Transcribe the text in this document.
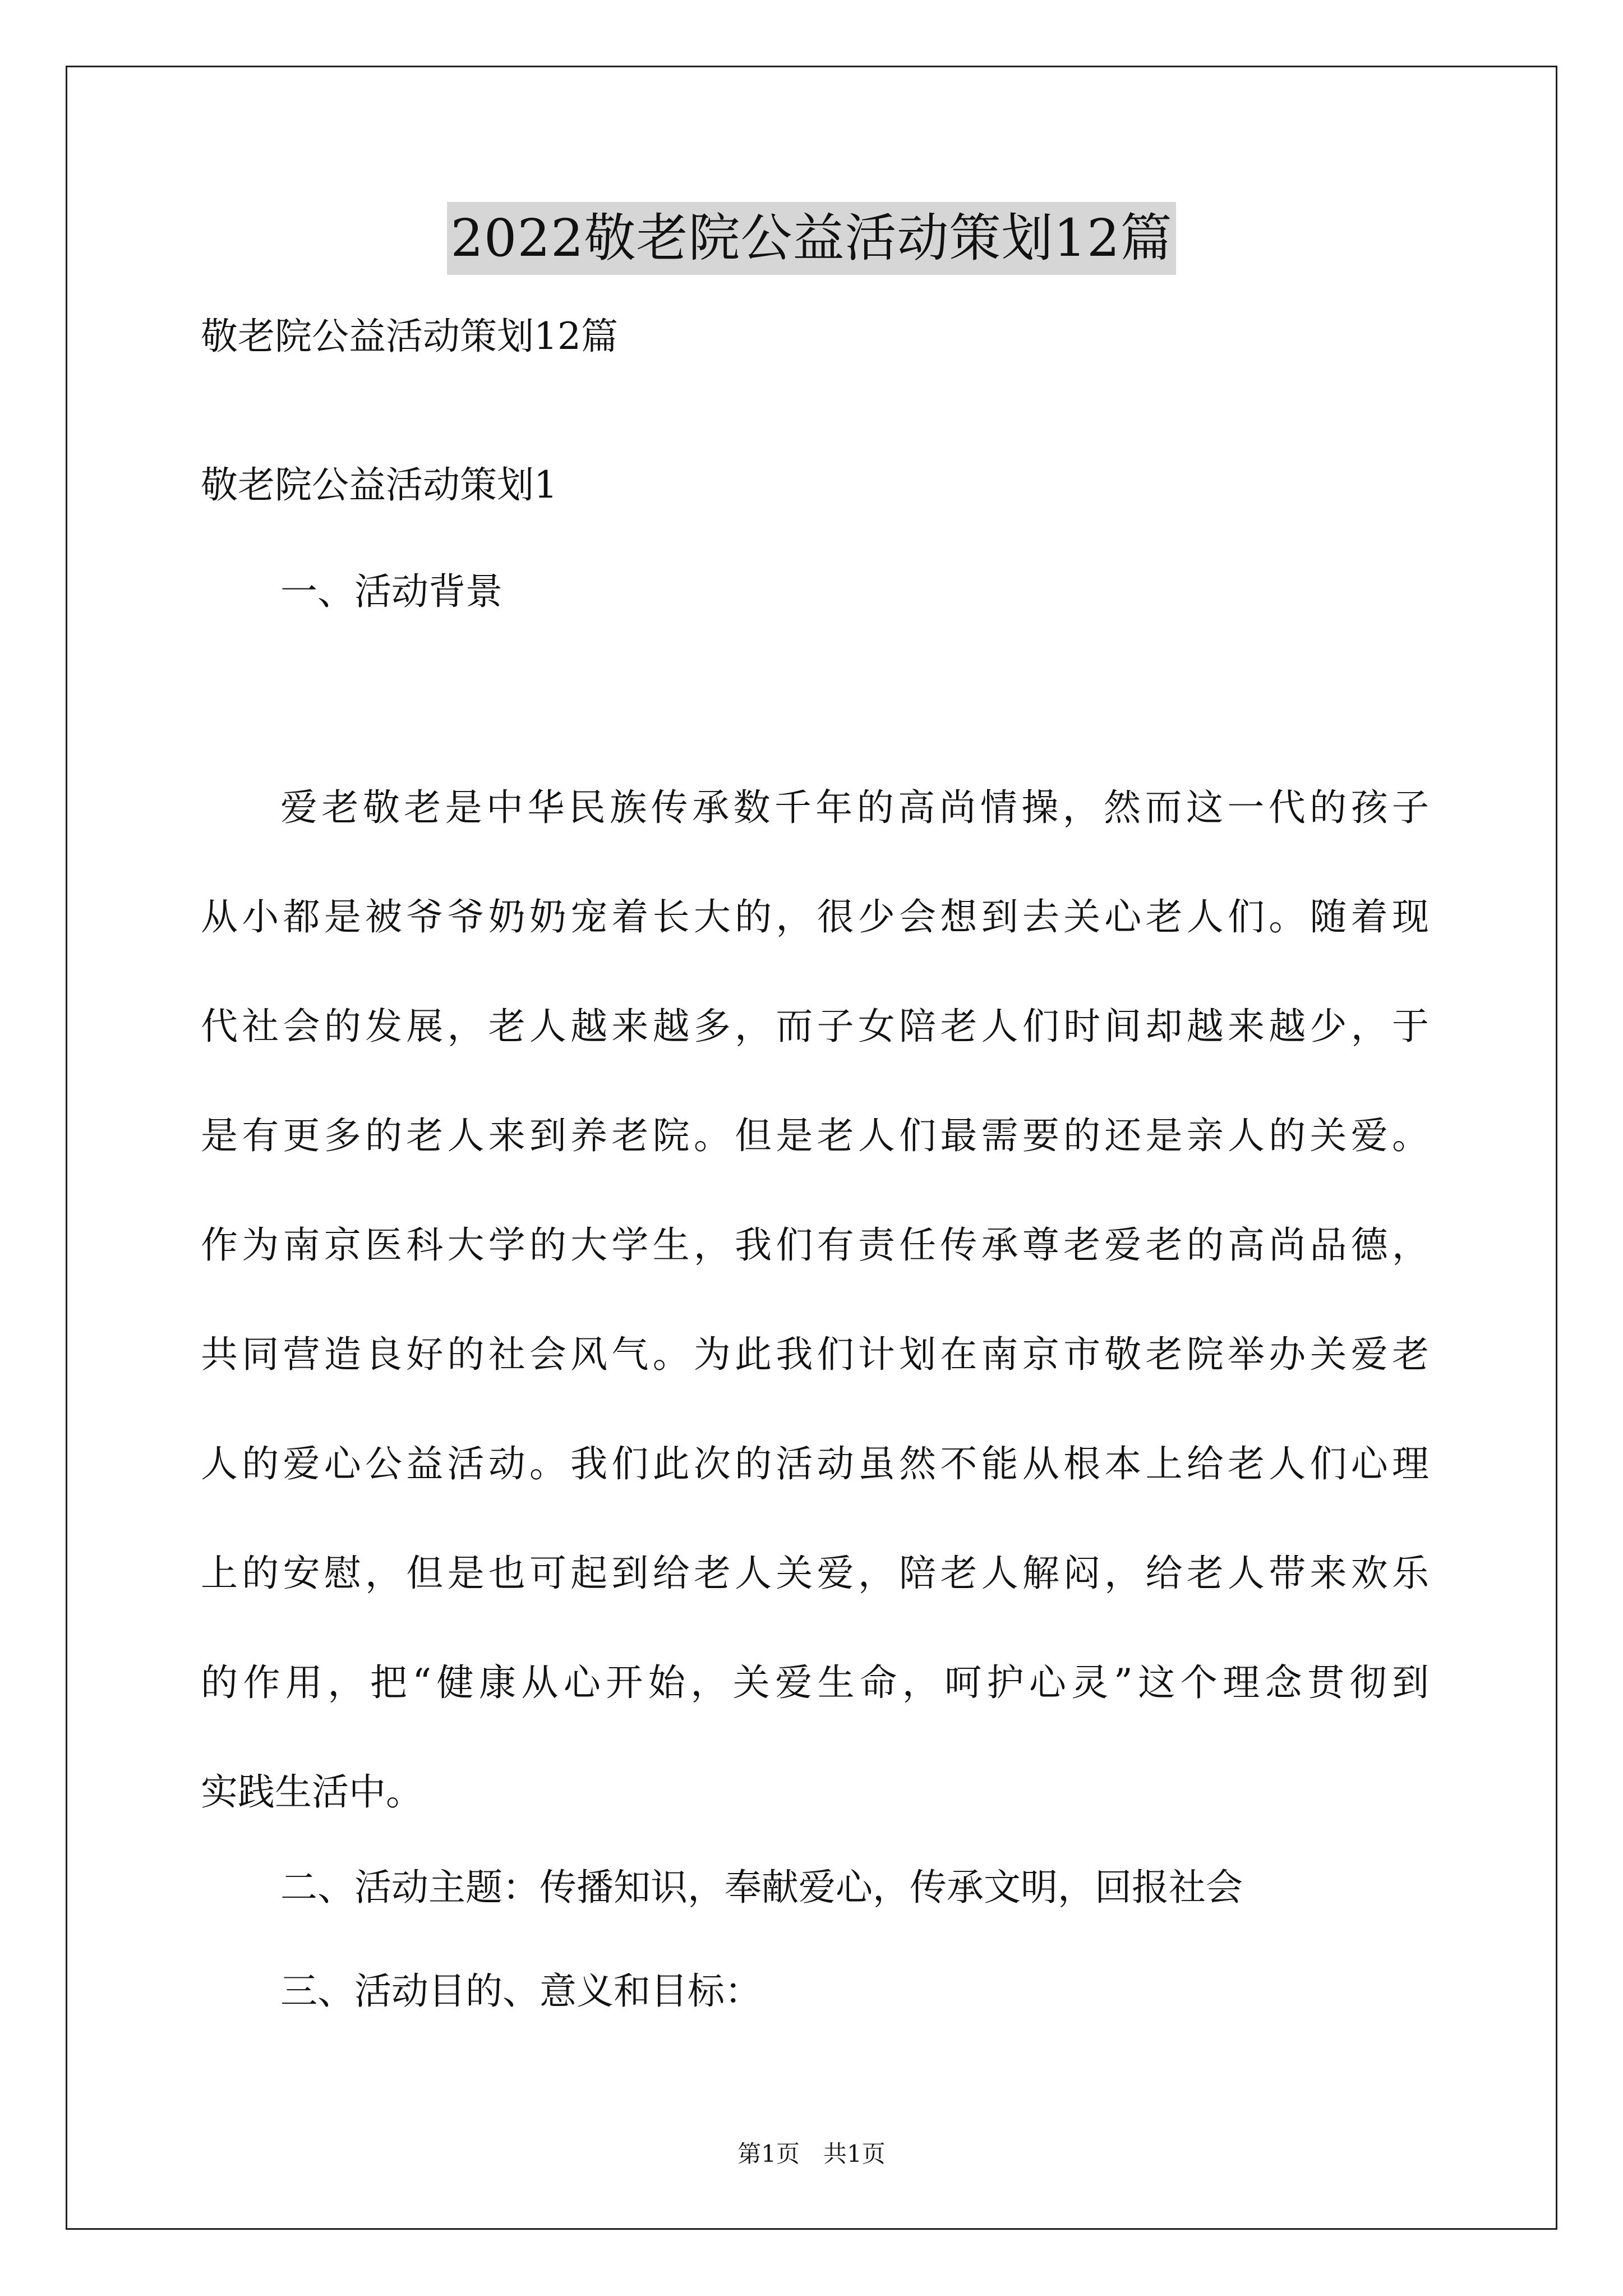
2022敬老院公益活动策划12篇
敬老院公益活动策划12篇
敬老院公益活动策划1
一、活动背景
爱老敬老是中华民族传承数千年的高尚情操，然而这一代的孩子
从小都是被爷爷奶奶宠着长大的，很少会想到去关心老人们。随着现
代社会的发展，老人越来越多，而子女陪老人们时间却越来越少，于
是有更多的老人来到养老院。但是老人们最需要的还是亲人的关爱。
作为南京医科大学的大学生，我们有责任传承尊老爱老的高尚品德，
共同营造良好的社会风气。为此我们计划在南京市敬老院举办关爱老
人的爱心公益活动。我们此次的活动虽然不能从根本上给老人们心理
上的安慰，但是也可起到给老人关爱，陪老人解闷，给老人带来欢乐
的作用，把“健康从心开始，关爱生命，呵护心灵”这个理念贯彻到
实践生活中。
二、活动主题：传播知识，奉献爱心，传承文明，回报社会
三、活动目的、意义和目标：
第1页　共1页
